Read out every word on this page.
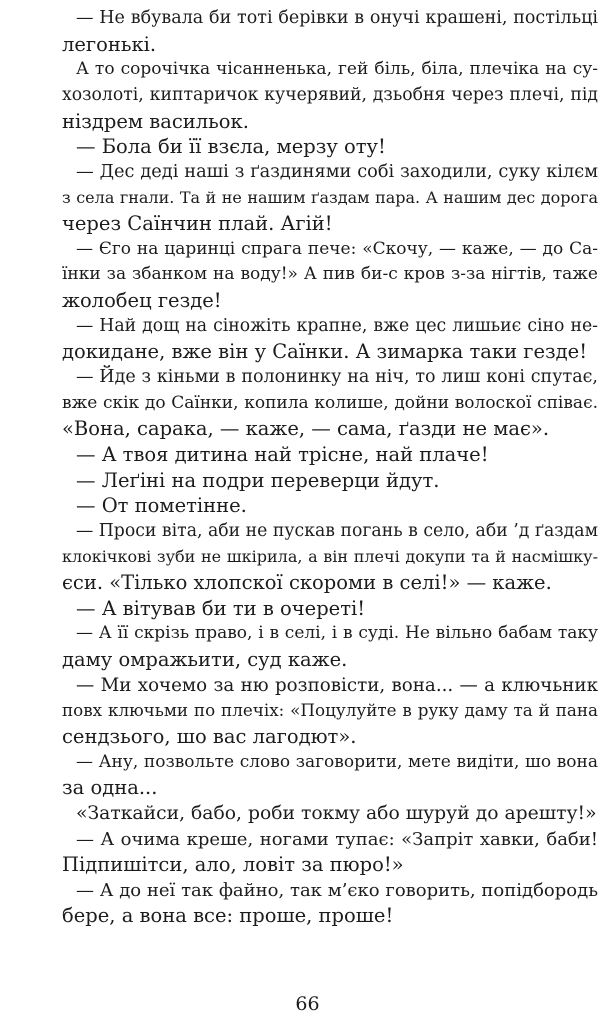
— Не вбувала би тоті берівки в онучі крашені, постільці
легонькі.
А то сорочічка чісанненька, гей біль, біла, плечіка на су-
хозолоті, киптаричок кучерявий, дзьобня через плечі, під
ніздрем васильок.
— Бола би її взєла, мерзу оту!
— Дес деді наші з ґаздинями собі заходили, суку кілєм
з села гнали. Та й не нашим ґаздам пара. А нашим дес дорога
через Саїнчин плай. Агій!
— Єго на царинці спрага пече: «Скочу, — каже, — до Са-
їнки за збанком на воду!» А пив би-с кров з-за нігтів, таже
жолобец гезде!
— Най дощ на сіножіть крапне, вже цес лишьиє сіно не-
докидане, вже він у Саїнки. А зимарка таки гезде!
— Йде з кіньми в полонинку на ніч, то лиш коні спутає,
вже скік до Саїнки, копила колише, дойни волоскої співає.
«Вона, сарака, — каже, — сама, ґазди не має».
— А твоя дитина най трісне, най плаче!
— Леґіні на подри переверци йдут.
— От пометінне.
— Проси віта, аби не пускав погань в село, аби ’д ґаздам
клокічкові зуби не шкірила, а він плечі докупи та й насмішку-
єси. «Тілько хлопскої скороми в селі!» — каже.
— А вітував би ти в очереті!
— А її скрізь право, і в селі, і в суді. Не вільно бабам таку
даму омражьити, суд каже.
— Ми хочемо за ню розповісти, вона... — а ключьник
повх ключьми по плечіх: «Поцулуйте в руку даму та й пана
сендзього, шо вас лагодют».
— Ану, позвольте слово заговорити, мете видіти, шо вона
за одна...
«Заткайси, бабо, роби токму або шуруй до арешту!»
— А очима креше, ногами тупає: «Запріт хавки, баби!
Підпишітси, ало, ловіт за пюро!»
— А до неї так файно, так м’єко говорить, попідбородь
бере, а вона все: проше, проше!
66
